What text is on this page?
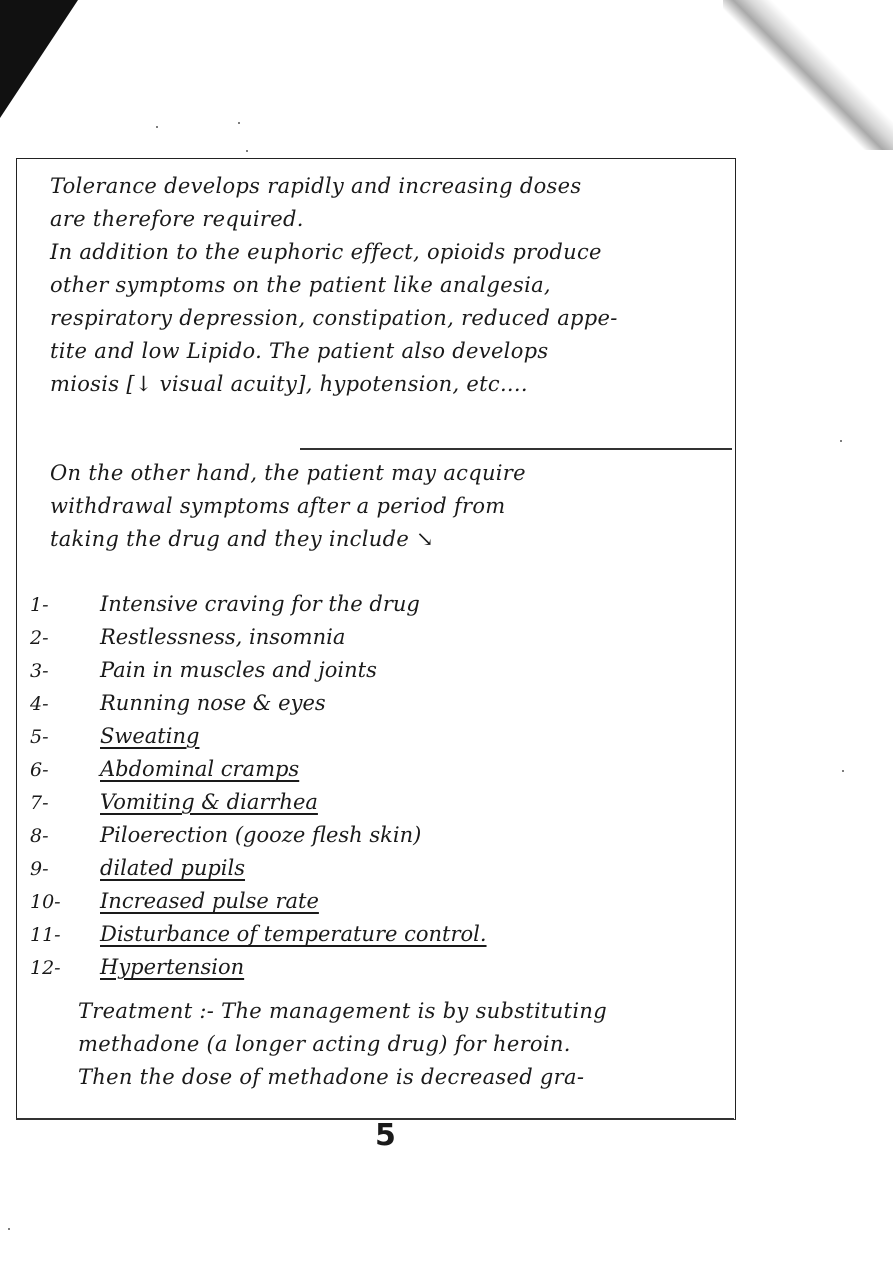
Tolerance develops rapidly and increasing doses
are therefore required.
In addition to the euphoric effect, opioids produce
other symptoms on the patient like analgesia,
respiratory depression, constipation, reduced appe-
tite and low Lipido. The patient also develops
miosis [↓ visual acuity], hypotension, etc....
On the other hand, the patient may acquire
withdrawal symptoms after a period from
taking the drug and they include ↘
1- Intensive craving for the drug
2- Restlessness, insomnia
3- Pain in muscles and joints
4- Running nose & eyes
5- Sweating
6- Abdominal cramps
7- Vomiting & diarrhea
8- Piloerection (gooze flesh skin)
9- dilated pupils
10- Increased pulse rate
11- Disturbance of temperature control.
12- Hypertension
Treatment :- The management is by substituting
methadone (a longer acting drug) for heroin.
Then the dose of methadone is decreased gra-
5
